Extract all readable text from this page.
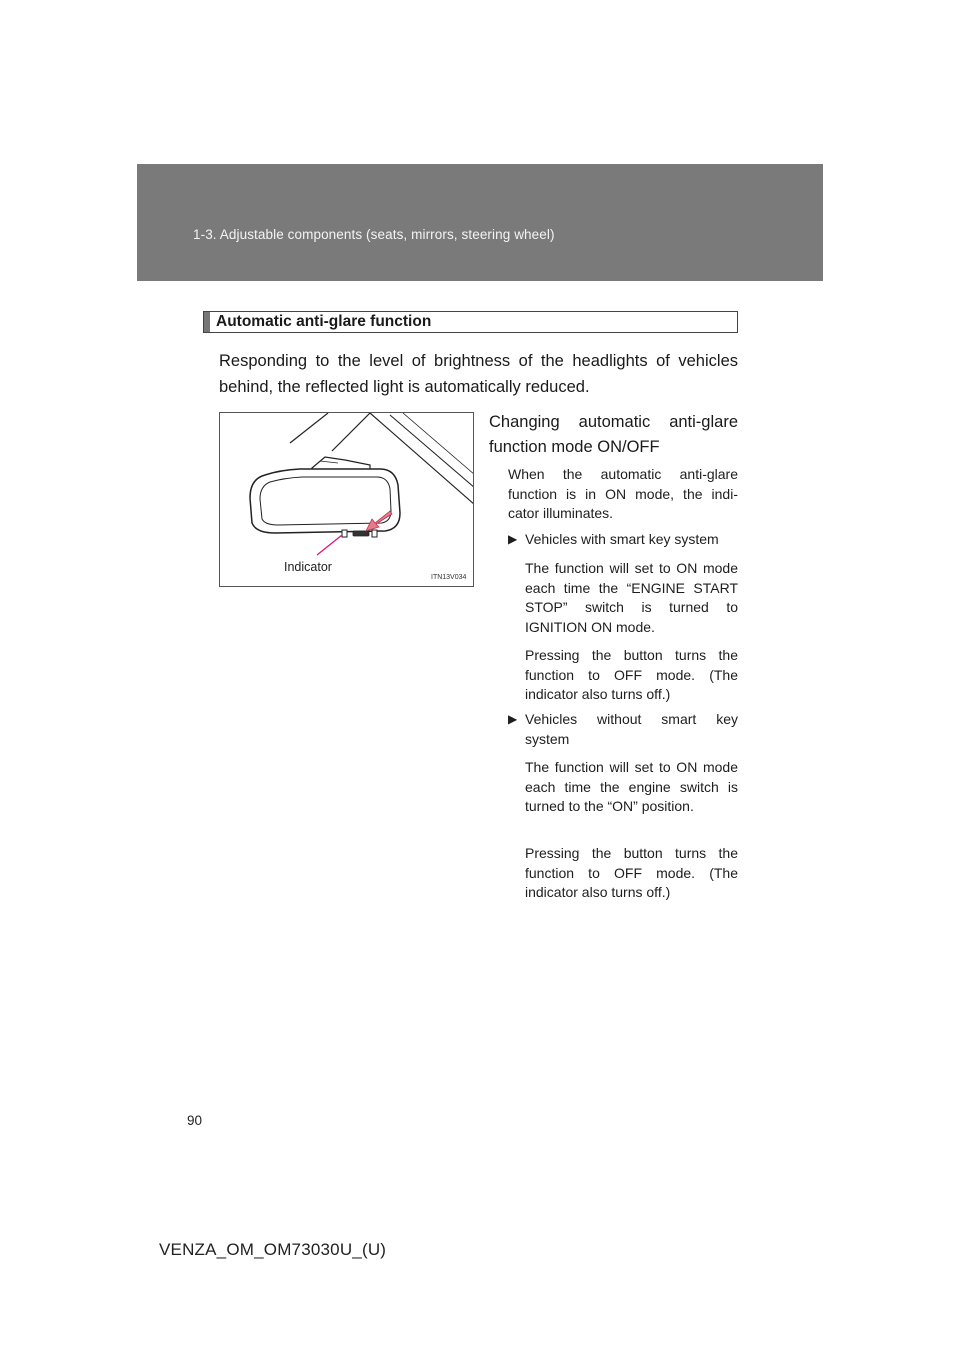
1-3. Adjustable components (seats, mirrors, steering wheel)
Automatic anti-glare function
Responding to the level of brightness of the headlights of vehicles behind, the reflected light is automatically reduced.
Indicator
ITN13V034
Changing automatic anti-glare function mode ON/OFF
When the automatic anti-glare function is in ON mode, the indi-cator illuminates.
▶ Vehicles with smart key system
The function will set to ON mode each time the “ENGINE START STOP” switch is turned to IGNITION ON mode.
Pressing the button turns the function to OFF mode. (The indicator also turns off.)
▶ Vehicles without smart key system
The function will set to ON mode each time the engine switch is turned to the “ON” position.
Pressing the button turns the function to OFF mode. (The indicator also turns off.)
90
VENZA_OM_OM73030U_(U)
